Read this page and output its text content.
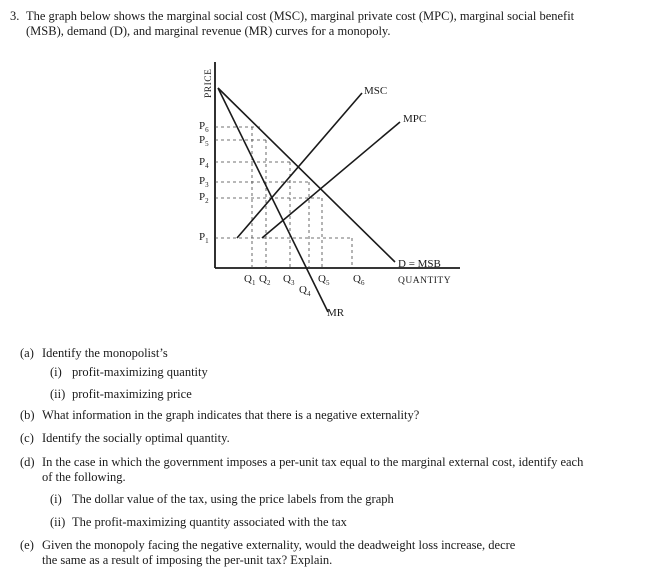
3. The graph below shows the marginal social cost (MSC), marginal private cost (MPC), marginal social benefit
(MSB), demand (D), and marginal revenue (MR) curves for a monopoly.
PRICE
$P_6$
$P_5$
$P_4$
$P_3$
$P_2$
$P_1$
$Q_1$ $Q_2$ $Q_3$
$Q_4$
$Q_5$ $Q_6$
MSC
MPC
D = MSB
MR
QUANTITY
(a) Identify the monopolist’s
(i) profit-maximizing quantity
(ii) profit-maximizing price
(b) What information in the graph indicates that there is a negative externality?
(c) Identify the socially optimal quantity.
(d) In the case in which the government imposes a per-unit tax equal to the marginal external cost, identify each
of the following.
(i) The dollar value of the tax, using the price labels from the graph
(ii) The profit-maximizing quantity associated with the tax
(e) Given the monopoly facing the negative externality, would the deadweight loss increase, decre
the same as a result of imposing the per-unit tax? Explain.
